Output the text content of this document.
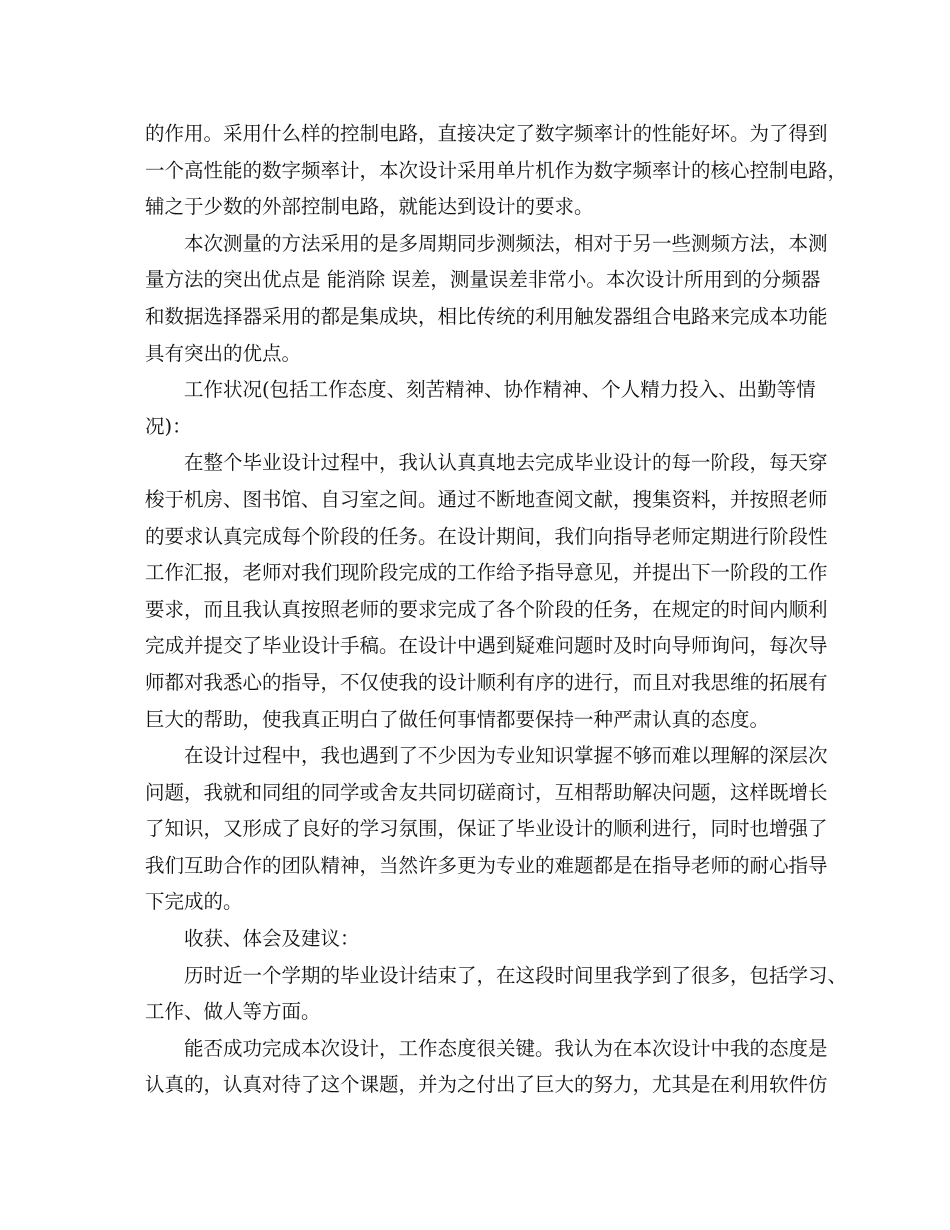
的作用。采用什么样的控制电路，直接决定了数字频率计的性能好坏。为了得到
一个高性能的数字频率计，本次设计采用单片机作为数字频率计的核心控制电路，
辅之于少数的外部控制电路，就能达到设计的要求。
本次测量的方法采用的是多周期同步测频法，相对于另一些测频方法，本测
量方法的突出优点是 能消除 误差，测量误差非常小。本次设计所用到的分频器
和数据选择器采用的都是集成块，相比传统的利用触发器组合电路来完成本功能
具有突出的优点。
工作状况(包括工作态度、刻苦精神、协作精神、个人精力投入、出勤等情
况)：
在整个毕业设计过程中，我认认真真地去完成毕业设计的每一阶段，每天穿
梭于机房、图书馆、自习室之间。通过不断地查阅文献，搜集资料，并按照老师
的要求认真完成每个阶段的任务。在设计期间，我们向指导老师定期进行阶段性
工作汇报，老师对我们现阶段完成的工作给予指导意见，并提出下一阶段的工作
要求，而且我认真按照老师的要求完成了各个阶段的任务，在规定的时间内顺利
完成并提交了毕业设计手稿。在设计中遇到疑难问题时及时向导师询问，每次导
师都对我悉心的指导，不仅使我的设计顺利有序的进行，而且对我思维的拓展有
巨大的帮助，使我真正明白了做任何事情都要保持一种严肃认真的态度。
在设计过程中，我也遇到了不少因为专业知识掌握不够而难以理解的深层次
问题，我就和同组的同学或舍友共同切磋商讨，互相帮助解决问题，这样既增长
了知识，又形成了良好的学习氛围，保证了毕业设计的顺利进行，同时也增强了
我们互助合作的团队精神，当然许多更为专业的难题都是在指导老师的耐心指导
下完成的。
收获、体会及建议：
历时近一个学期的毕业设计结束了，在这段时间里我学到了很多，包括学习、
工作、做人等方面。
能否成功完成本次设计，工作态度很关键。我认为在本次设计中我的态度是
认真的，认真对待了这个课题，并为之付出了巨大的努力，尤其是在利用软件仿
